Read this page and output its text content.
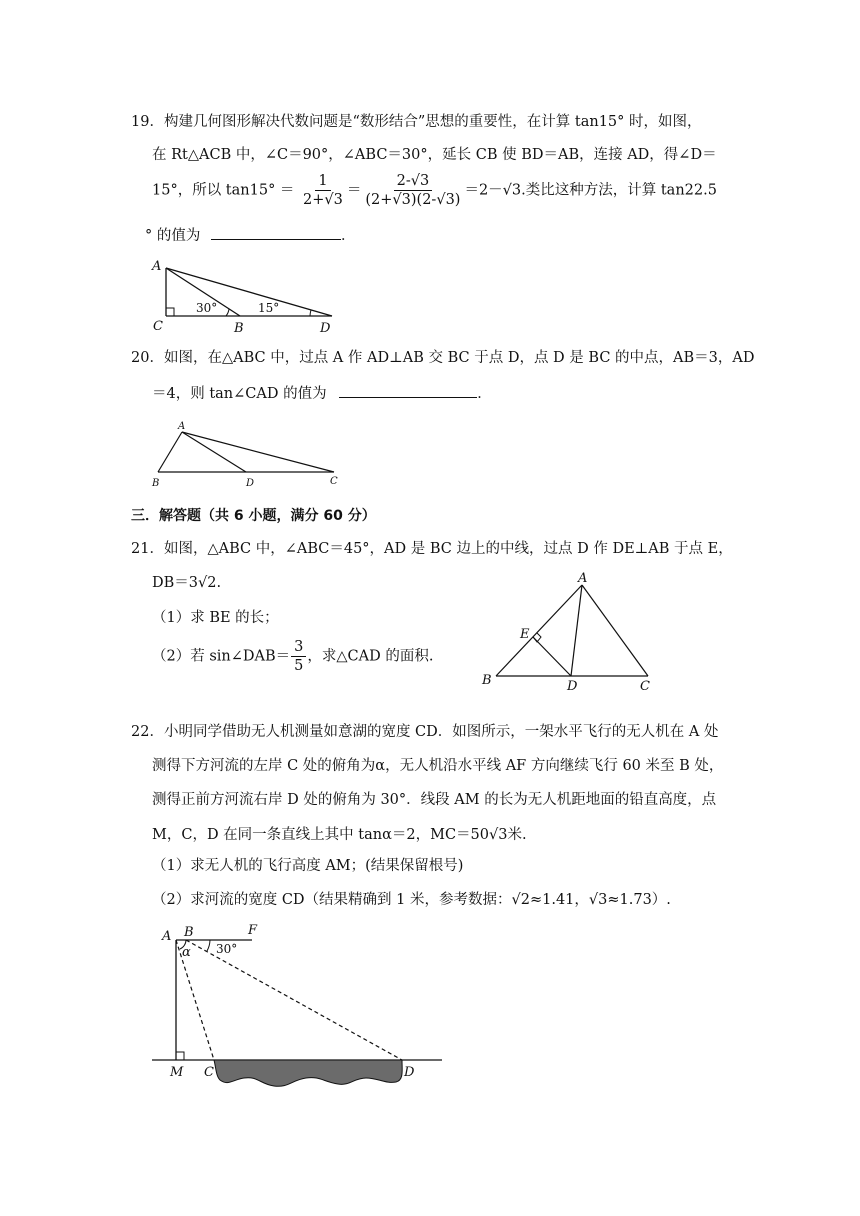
19．构建几何图形解决代数问题是“数形结合”思想的重要性，在计算 tan15° 时，如图，
在 Rt△ACB 中，∠C＝90°，∠ABC＝30°，延长 CB 使 BD＝AB，连接 AD，得∠D＝
15°，所以 $\tan 15^\circ = \frac{1}{2+√3} = \frac{2-√3}{(2+√3)(2-√3)} =2-√3$.类比这种方法，计算 tan22.5
° 的值为	．
A
C	B	D
30°	15°
20．如图，在△ABC 中，过点 A 作 AD⊥AB 交 BC 于点 D，点 D 是 BC 的中点，AB＝3，AD
＝4，则 tan∠CAD 的值为	．
A
B	D	C
三．解答题（共 6 小题，满分 60 分）
21．如图，△ABC 中，∠ABC＝45°，AD 是 BC 边上的中线，过点 D 作 DE⊥AB 于点 E，
DB＝3√2.
（1）求 BE 的长；
（2）若 sin∠DAB＝ $\frac{3}{5}$ ，求△CAD 的面积.
A
E
B	D	C
22．小明同学借助无人机测量如意湖的宽度 CD．如图所示，一架水平飞行的无人机在 A 处
测得下方河流的左岸 C 处的俯角为α，无人机沿水平线 AF 方向继续飞行 60 米至 B 处，
测得正前方河流右岸 D 处的俯角为 30°．线段 AM 的长为无人机距地面的铅直高度，点
M，C，D 在同一条直线上其中 tanα＝2，MC＝50√3米.
（1）求无人机的飞行高度 AM；(结果保留根号)
（2）求河流的宽度 CD（结果精确到 1 米，参考数据：√2≈1.41，√3≈1.73）.
A B	F
α 30°
M C	D
